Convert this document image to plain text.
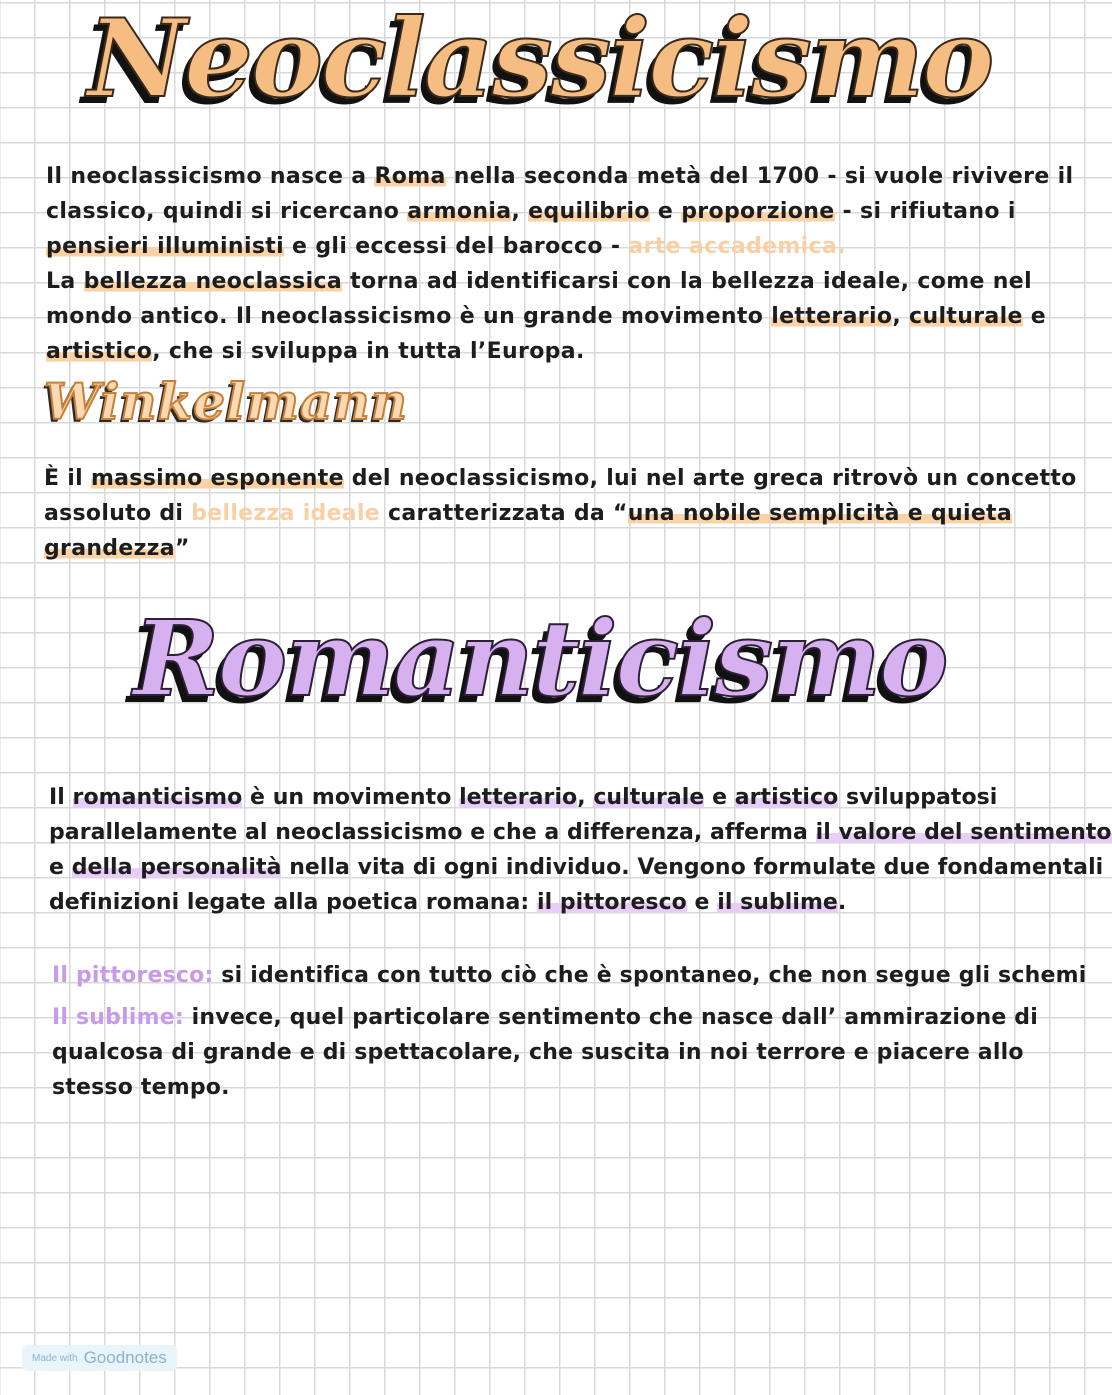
Neoclassicismo
Il neoclassicismo nasce a Roma nella seconda metà del 1700 - si vuole rivivere il
classico, quindi si ricercano armonia, equilibrio e proporzione - si rifiutano i
pensieri illuministi e gli eccessi del barocco - arte accademica.
La bellezza neoclassica torna ad identificarsi con la bellezza ideale, come nel
mondo antico. Il neoclassicismo è un grande movimento letterario, culturale e
artistico, che si sviluppa in tutta l’Europa.
Winkelmann
È il massimo esponente del neoclassicismo, lui nel arte greca ritrovò un concetto
assoluto di bellezza ideale caratterizzata da “una nobile semplicità e quieta
grandezza”
Romanticismo
Il romanticismo è un movimento letterario, culturale e artistico sviluppatosi
parallelamente al neoclassicismo e che a differenza, afferma il valore del sentimento
e della personalità nella vita di ogni individuo. Vengono formulate due fondamentali
definizioni legate alla poetica romana: il pittoresco e il sublime.
Il pittoresco: si identifica con tutto ciò che è spontaneo, che non segue gli schemi
Il sublime: invece, quel particolare sentimento che nasce dall’ ammirazione di
qualcosa di grande e di spettacolare, che suscita in noi terrore e piacere allo
stesso tempo.
Made with Goodnotes
